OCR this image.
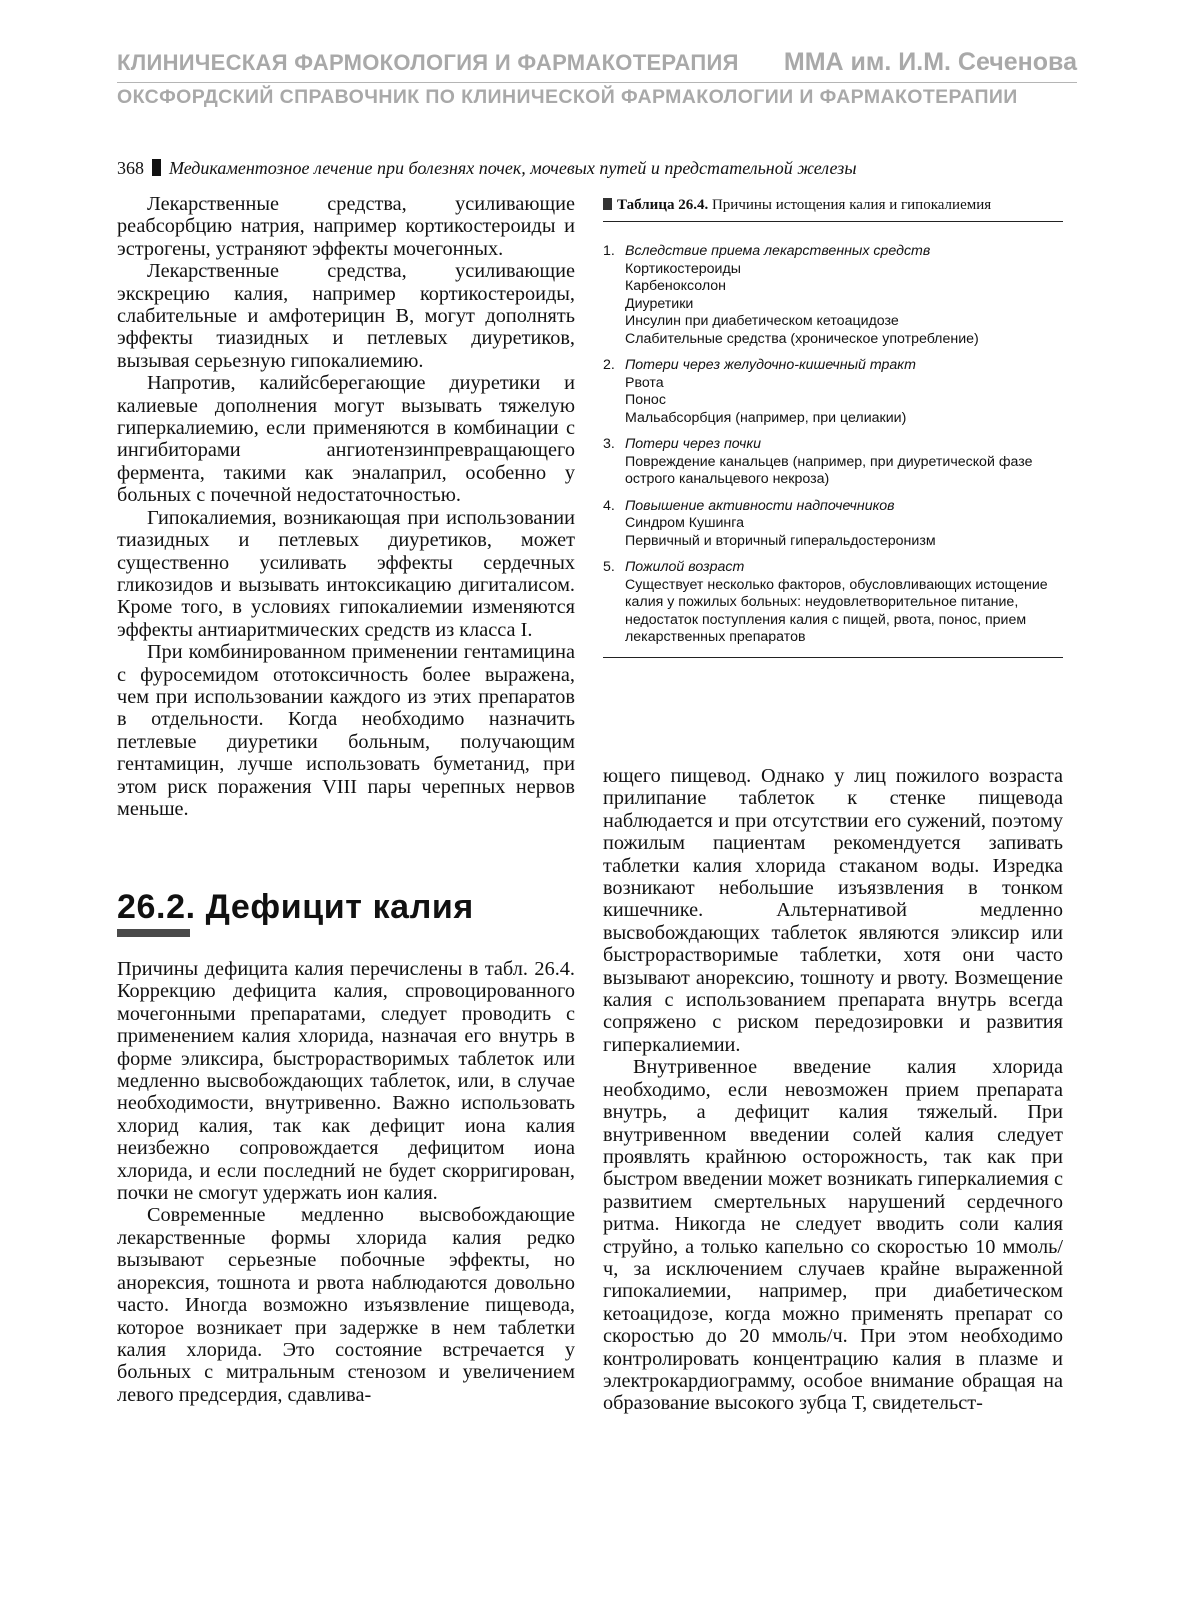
КЛИНИЧЕСКАЯ ФАРМОКОЛОГИЯ И ФАРМАКОТЕРАПИЯ ММА им. И.М. Сеченова
ОКСФОРДСКИЙ СПРАВОЧНИК ПО КЛИНИЧЕСКОЙ ФАРМАКОЛОГИИ И ФАРМАКОТЕРАПИИ
368 Медикаментозное лечение при болезнях почек, мочевых путей и предстательной железы

Лекарственные средства, усиливающие реабсорбцию натрия, например кортикостероиды и эстрогены, устраняют эффекты мочегонных.

Лекарственные средства, усиливающие экскрецию калия, например кортикостероиды, слабительные и амфотерицин В, могут дополнять эффекты тиазидных и петлевых диуретиков, вызывая серьезную гипокалиемию.

Напротив, калийсберегающие диуретики и калиевые дополнения могут вызывать тяжелую гиперкалиемию, если применяются в комбинации с ингибиторами ангиотензинпревращающего фермента, такими как эналаприл, особенно у больных с почечной недостаточностью.

Гипокалиемия, возникающая при использовании тиазидных и петлевых диуретиков, может существенно усиливать эффекты сердечных гликозидов и вызывать интоксикацию дигиталисом. Кроме того, в условиях гипокалиемии изменяются эффекты антиаритмических средств из класса I.

При комбинированном применении гентамицина с фуросемидом ототоксичность более выражена, чем при использовании каждого из этих препаратов в отдельности. Когда необходимо назначить петлевые диуретики больным, получающим гентамицин, лучше использовать буметанид, при этом риск поражения VIII пары черепных нервов меньше.

26.2. Дефицит калия

Причины дефицита калия перечислены в табл. 26.4. Коррекцию дефицита калия, спровоцированного мочегонными препаратами, следует проводить с применением калия хлорида, назначая его внутрь в форме эликсира, быстрорастворимых таблеток или медленно высвобождающих таблеток, или, в случае необходимости, внутривенно. Важно использовать хлорид калия, так как дефицит иона калия неизбежно сопровождается дефицитом иона хлорида, и если последний не будет скорригирован, почки не смогут удержать ион калия.

Современные медленно высвобождающие лекарственные формы хлорида калия редко вызывают серьезные побочные эффекты, но анорексия, тошнота и рвота наблюдаются довольно часто. Иногда возможно изъязвление пищевода, которое возникает при задержке в нем таблетки калия хлорида. Это состояние встречается у больных с митральным стенозом и увеличением левого предсердия, сдавлива-

Таблица 26.4. Причины истощения калия и гипокалиемия
1. Вследствие приема лекарственных средств
Кортикостероиды
Карбеноксолон
Диуретики
Инсулин при диабетическом кетоацидозе
Слабительные средства (хроническое употребление)
2. Потери через желудочно-кишечный тракт
Рвота
Понос
Мальабсорбция (например, при целиакии)
3. Потери через почки
Повреждение канальцев (например, при диуретической фазе острого канальцевого некроза)
4. Повышение активности надпочечников
Синдром Кушинга
Первичный и вторичный гиперальдостеронизм
5. Пожилой возраст
Существует несколько факторов, обусловливающих истощение калия у пожилых больных: неудовлетворительное питание, недостаток поступления калия с пищей, рвота, понос, прием лекарственных препаратов

ющего пищевод. Однако у лиц пожилого возраста прилипание таблеток к стенке пищевода наблюдается и при отсутствии его сужений, поэтому пожилым пациентам рекомендуется запивать таблетки калия хлорида стаканом воды. Изредка возникают небольшие изъязвления в тонком кишечнике. Альтернативой медленно высвобождающих таблеток являются эликсир или быстрорастворимые таблетки, хотя они часто вызывают анорексию, тошноту и рвоту. Возмещение калия с использованием препарата внутрь всегда сопряжено с риском передозировки и развития гиперкалиемии.

Внутривенное введение калия хлорида необходимо, если невозможен прием препарата внутрь, а дефицит калия тяжелый. При внутривенном введении солей калия следует проявлять крайнюю осторожность, так как при быстром введении может возникать гиперкалиемия с развитием смертельных нарушений сердечного ритма. Никогда не следует вводить соли калия струйно, а только капельно со скоростью 10 ммоль/ч, за исключением случаев крайне выраженной гипокалиемии, например, при диабетическом кетоацидозе, когда можно применять препарат со скоростью до 20 ммоль/ч. При этом необходимо контролировать концентрацию калия в плазме и электрокардиограмму, особое внимание обращая на образование высокого зубца Т, свидетельст-
